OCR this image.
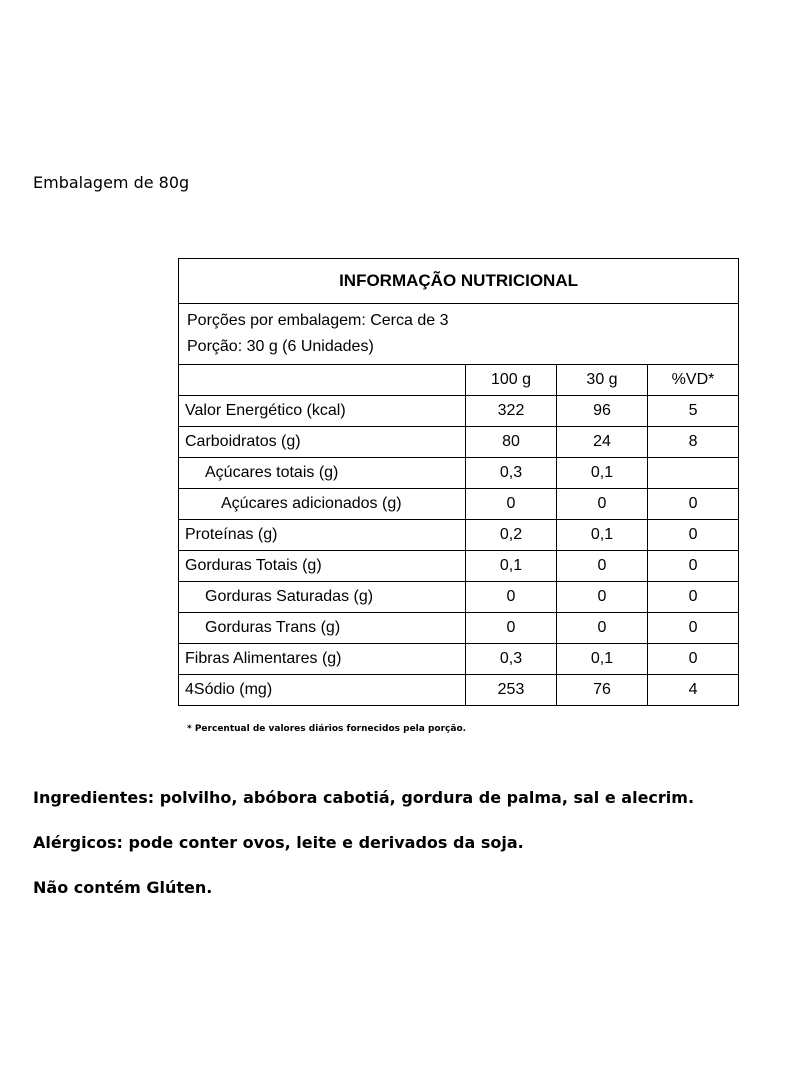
Embalagem de 80g
INFORMAÇÃO NUTRICIONAL			

Porções por embalagem: Cerca de 3
Porção: 30 g (6 Unidades)			

	100 g	30 g	%VD*
Valor Energético (kcal)	322	96	5
Carboidratos (g)	80	24	8
Açúcares totais (g)	0,3	0,1	
Açúcares adicionados (g)	0	0	0
Proteínas (g)	0,2	0,1	0
Gorduras Totais (g)	0,1	0	0
Gorduras Saturadas (g)	0	0	0
Gorduras Trans (g)	0	0	0
Fibras Alimentares (g)	0,3	0,1	0
4Sódio (mg)	253	76	4
* Percentual de valores diários fornecidos pela porção.
Ingredientes: polvilho, abóbora cabotiá, gordura de palma, sal e alecrim.
Alérgicos: pode conter ovos, leite e derivados da soja.
Não contém Glúten.
